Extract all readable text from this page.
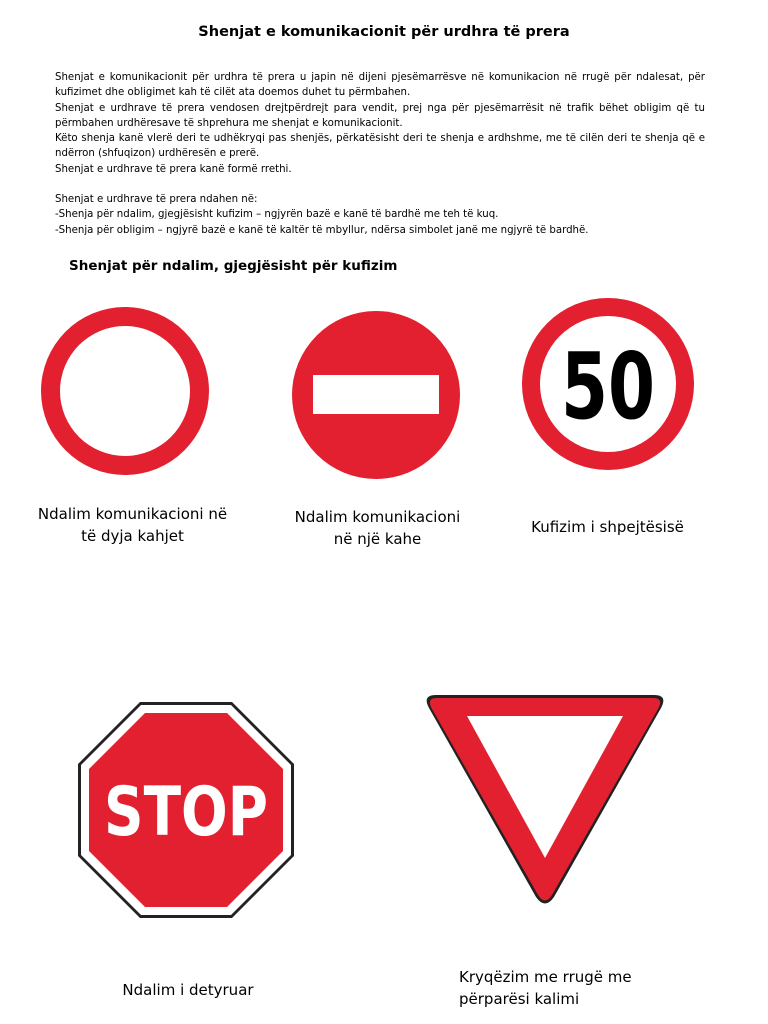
Shenjat e komunikacionit për urdhra të prera

Shenjat e komunikacionit për urdhra të prera u japin në dijeni pjesëmarrësve në komunikacion në rrugë për ndalesat, për kufizimet dhe obligimet kah të cilët ata doemos duhet tu përmbahen.

Shenjat e urdhrave të prera vendosen drejtpërdrejt para vendit, prej nga për pjesëmarrësit në trafik bëhet obligim që tu përmbahen urdhëresave të shprehura me shenjat e komunikacionit.

Këto shenja kanë vlerë deri te udhëkryqi pas shenjës, përkatësisht deri te shenja e ardhshme, me të cilën deri te shenja që e ndërron (shfuqizon) urdhëresën e prerë.

Shenjat e urdhrave të prera kanë formë rrethi.

Shenjat e urdhrave të prera ndahen në:

-Shenja për ndalim, gjegjësisht kufizim – ngjyrën bazë e kanë të bardhë me teh të kuq.

-Shenja për obligim – ngjyrë bazë e kanë të kaltër të mbyllur, ndërsa simbolet janë me ngjyrë të bardhë.

Shenjat për ndalim, gjegjësisht për kufizim
Ndalim komunikacioni në
të dyja kahjet
Ndalim komunikacioni
në një kahe
50
Kufizim i shpejtësisë
STOP
Ndalim i detyruar
Kryqëzim me rrugë me
përparësi kalimi
